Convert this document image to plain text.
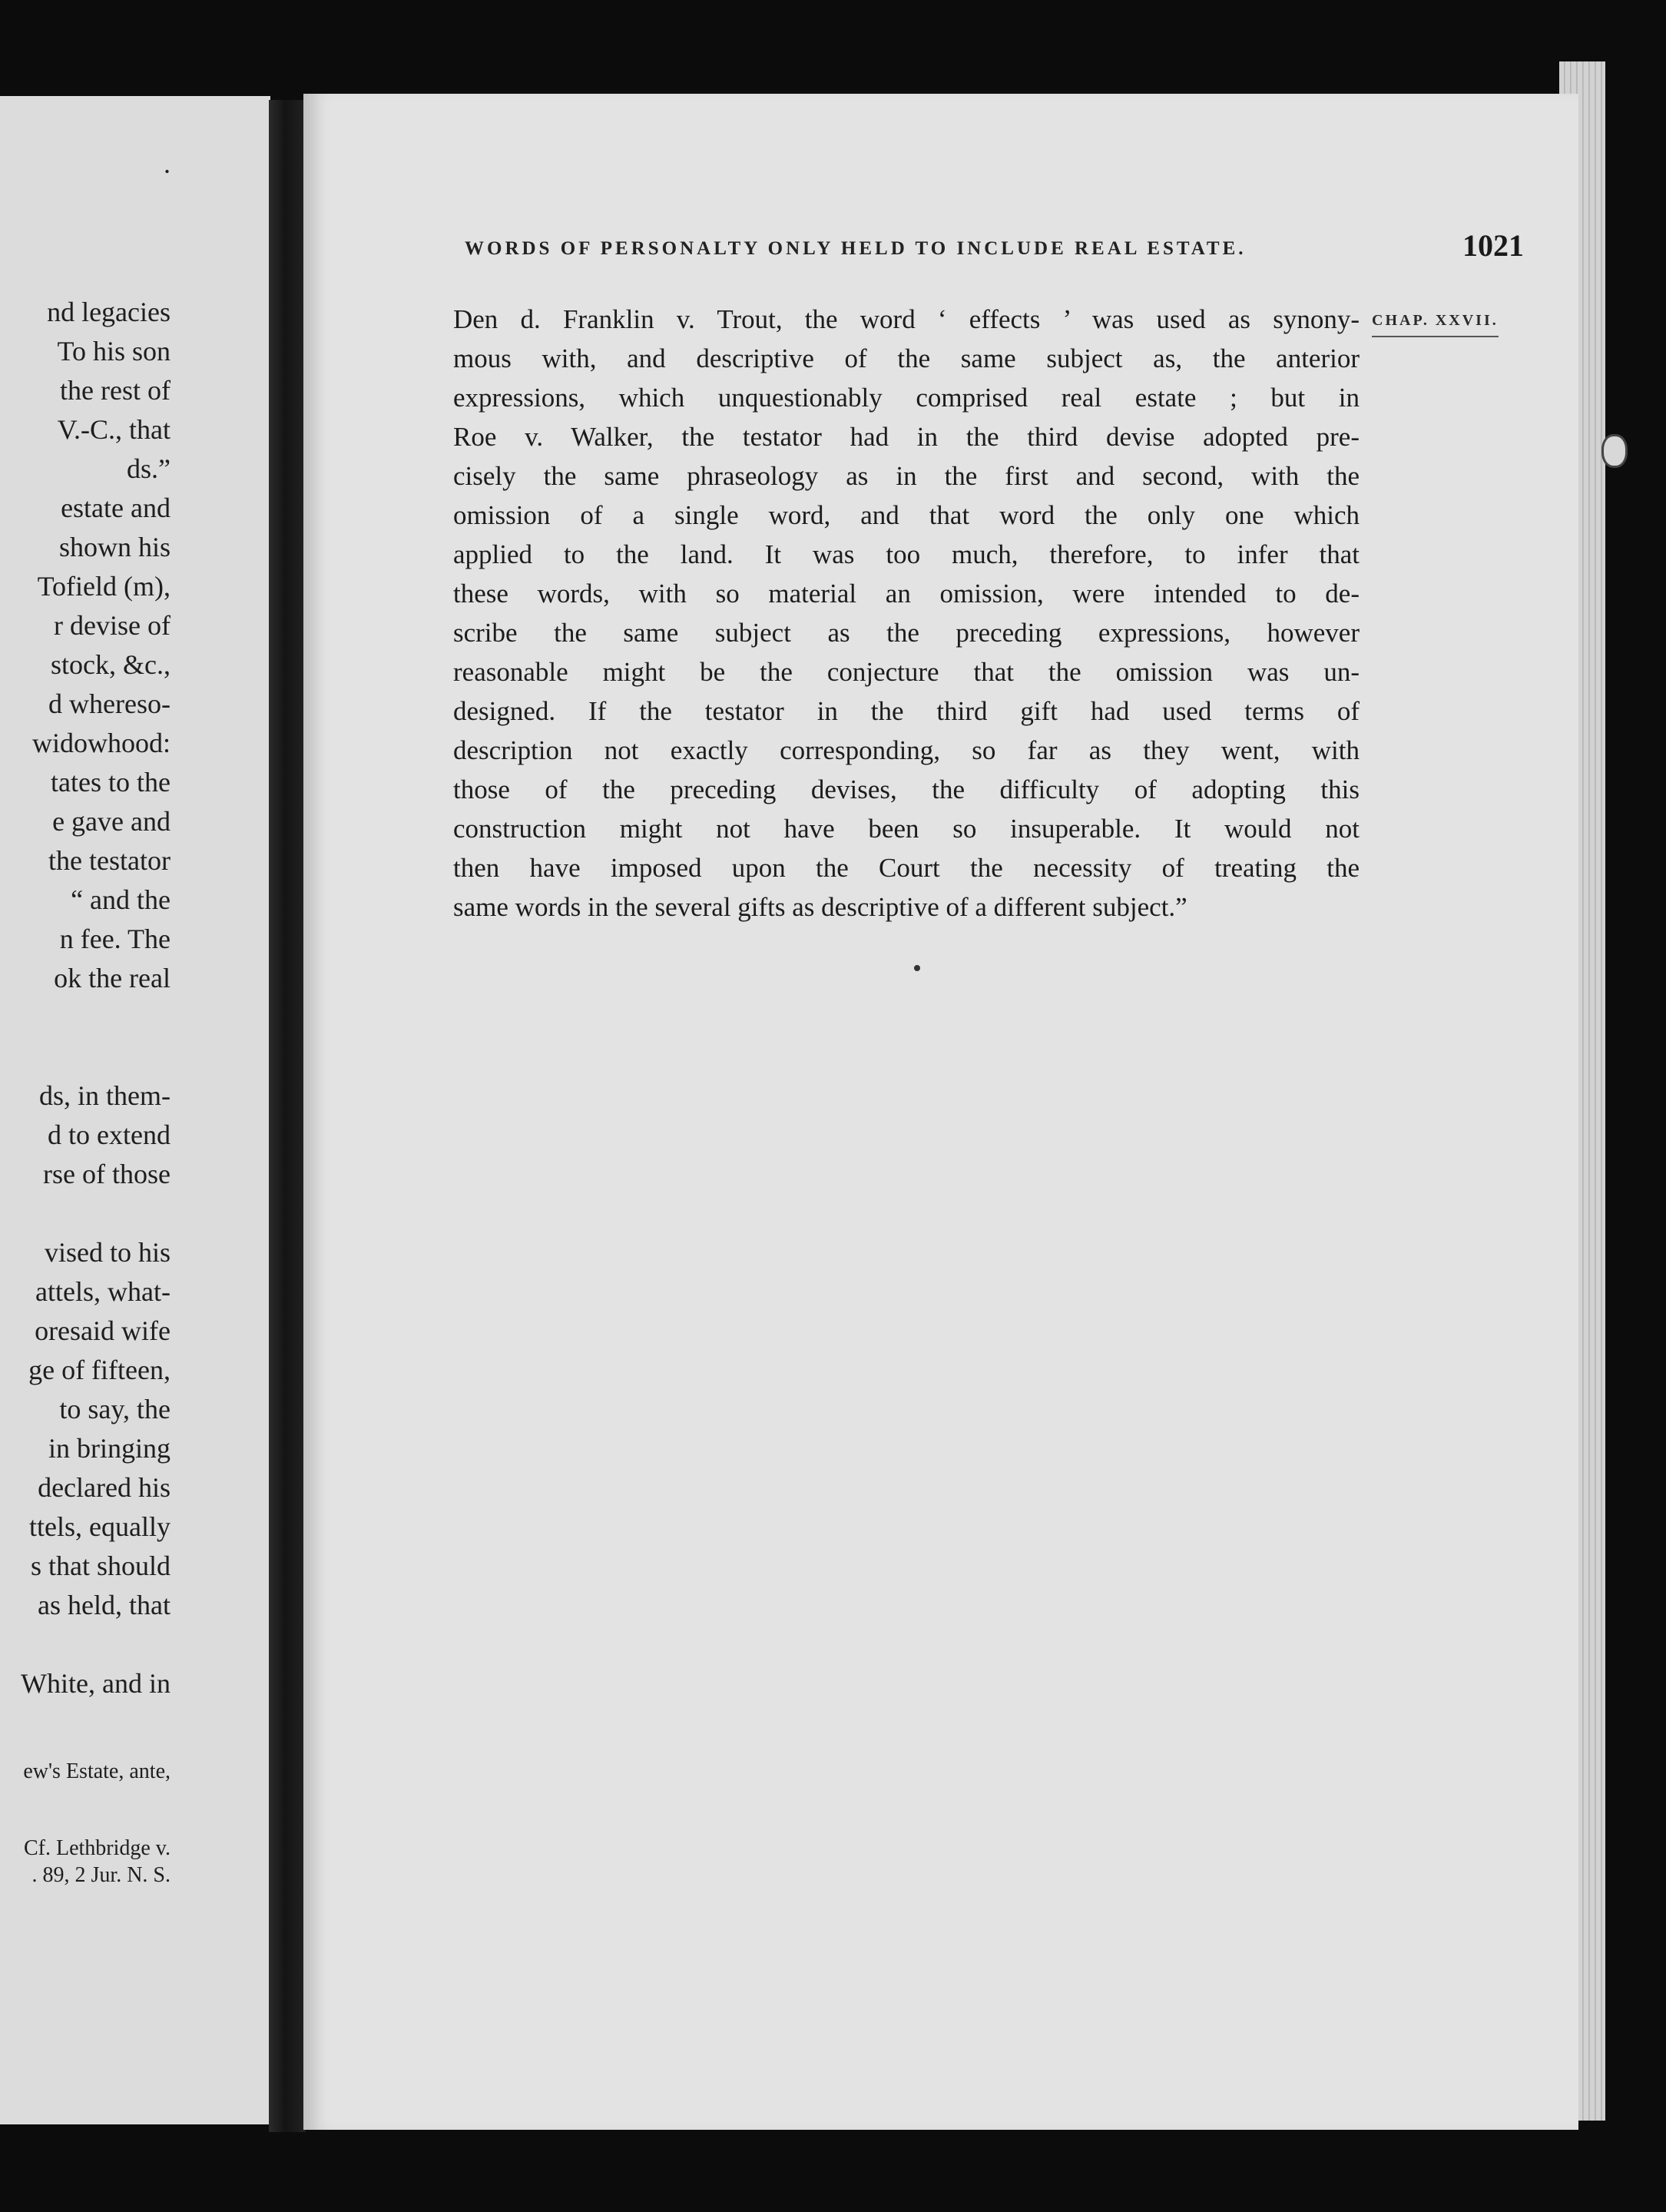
.
nd legacies
To his son
the rest of
V.-C., that
ds.”
estate and
shown his
Tofield (m),
r devise of
stock, &c.,
d whereso-
widowhood:
tates to the
e gave and
the testator
“ and the
n fee. The
ok the real
ds, in them-
d to extend
rse of those
vised to his
attels, what-
oresaid wife
ge of fifteen,
to say, the
in bringing
declared his
ttels, equally
s that should
as held, that
White, and in
ew's Estate, ante,
Cf. Lethbridge v.
. 89, 2 Jur. N. S.
WORDS OF PERSONALTY ONLY HELD TO INCLUDE REAL ESTATE.	1021
CHAP. XXVII.
Den d. Franklin v. Trout, the word ‘ effects ’ was used as synony-
mous with, and descriptive of the same subject as, the anterior
expressions, which unquestionably comprised real estate ; but in
Roe v. Walker, the testator had in the third devise adopted pre-
cisely the same phraseology as in the first and second, with the
omission of a single word, and that word the only one which
applied to the land. It was too much, therefore, to infer that
these words, with so material an omission, were intended to de-
scribe the same subject as the preceding expressions, however
reasonable might be the conjecture that the omission was un-
designed. If the testator in the third gift had used terms of
description not exactly corresponding, so far as they went, with
those of the preceding devises, the difficulty of adopting this
construction might not have been so insuperable. It would not
then have imposed upon the Court the necessity of treating the
same words in the several gifts as descriptive of a different subject.”
